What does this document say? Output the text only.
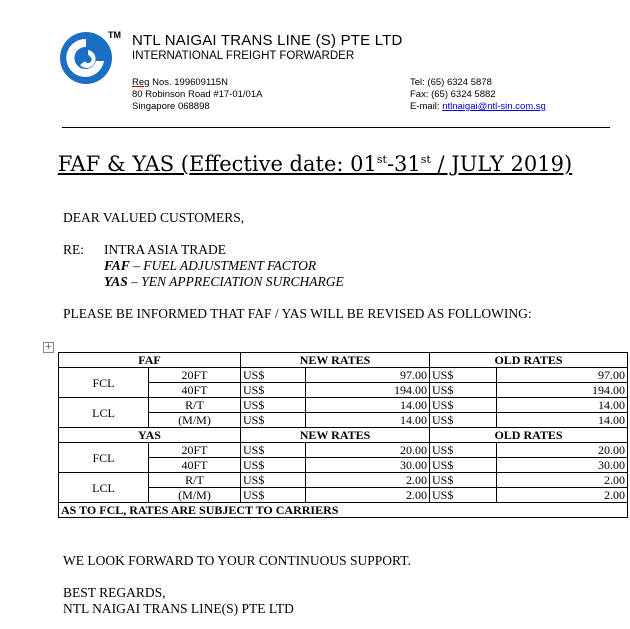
TM NTL NAIGAI TRANS LINE (S) PTE LTD
INTERNATIONAL FREIGHT FORWARDER
Reg Nos. 199609115N
80 Robinson Road #17-01/01A
Singapore 068898
Tel: (65) 6324 5878
Fax: (65) 6324 5882
E-mail: ntlnaigai@ntl-sin.com.sg
FAF & YAS (Effective date: 01st-31st / JULY 2019)
DEAR VALUED CUSTOMERS,
RE: INTRA ASIA TRADE
FAF – FUEL ADJUSTMENT FACTOR
YAS – YEN APPRECIATION SURCHARGE
PLEASE BE INFORMED THAT FAF / YAS WILL BE REVISED AS FOLLOWING:
+
FAF		NEW RATES		OLD RATES	
FCL	20FT	US$	97.00	US$	97.00
	40FT	US$	194.00	US$	194.00
LCL	R/T	US$	14.00	US$	14.00
	(M/M)	US$	14.00	US$	14.00
YAS		NEW RATES		OLD RATES	
FCL	20FT	US$	20.00	US$	20.00
	40FT	US$	30.00	US$	30.00
LCL	R/T	US$	2.00	US$	2.00
	(M/M)	US$	2.00	US$	2.00
AS TO FCL, RATES ARE SUBJECT TO CARRIERS					
WE LOOK FORWARD TO YOUR CONTINUOUS SUPPORT.
BEST REGARDS,
NTL NAIGAI TRANS LINE(S) PTE LTD
